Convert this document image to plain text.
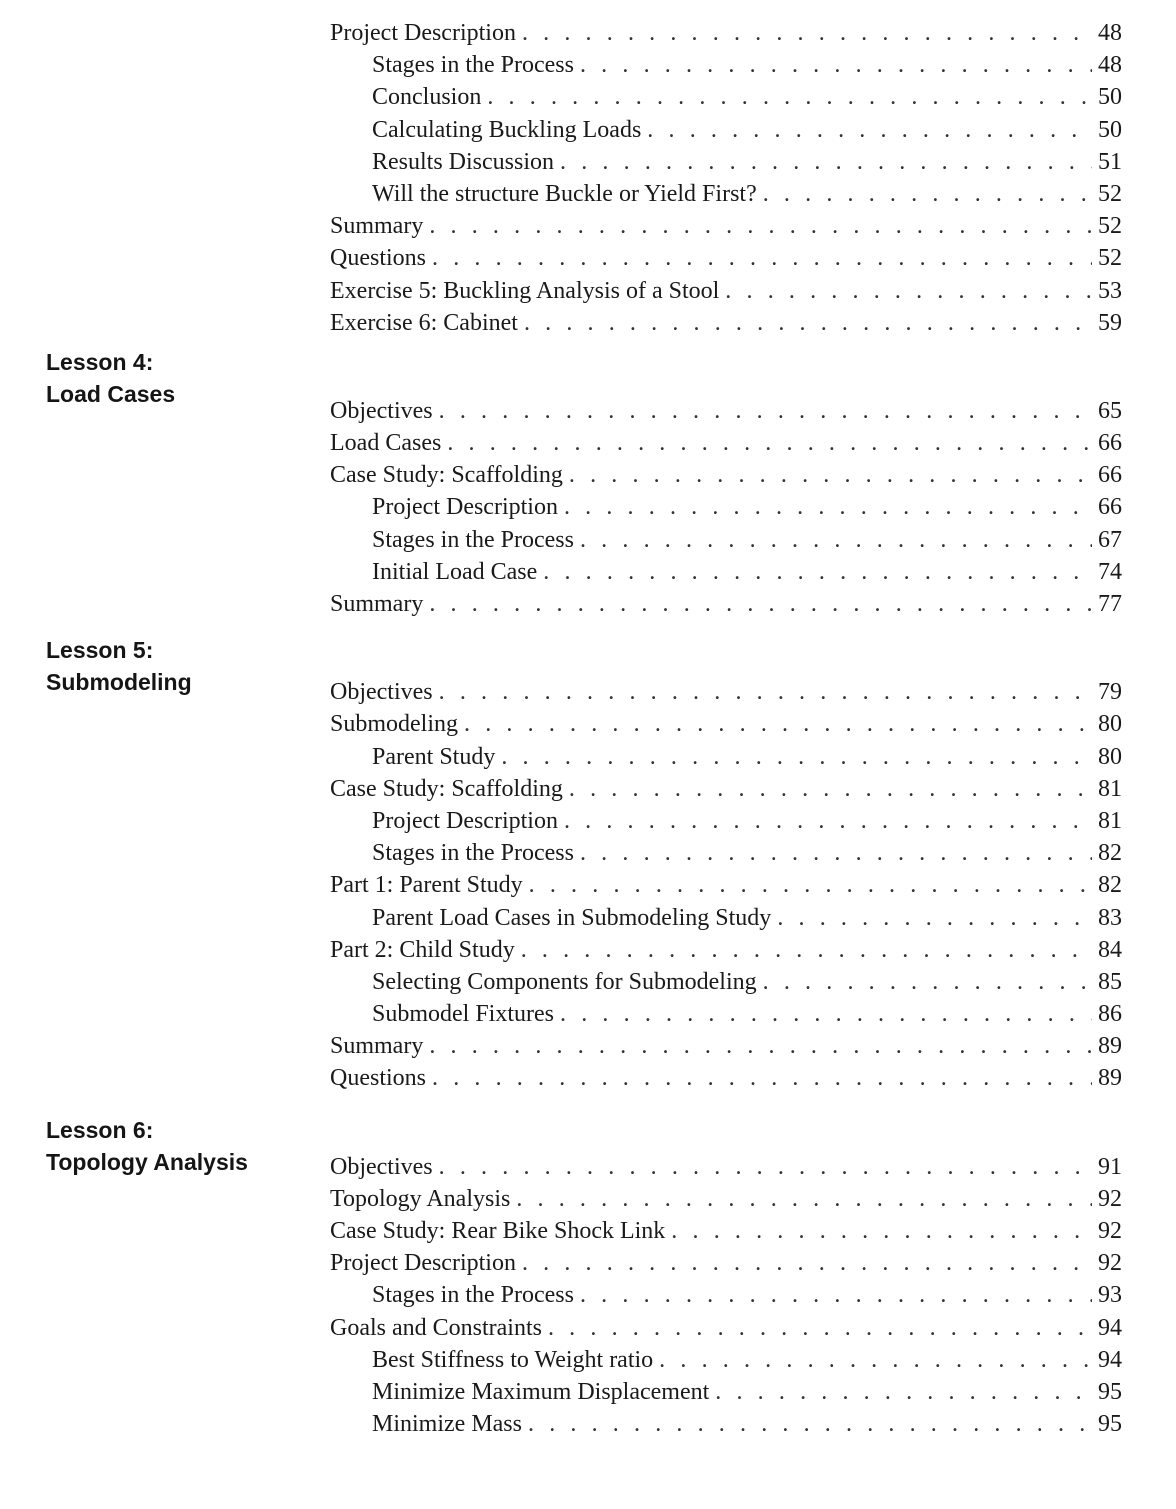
Lesson 4:
Load Cases
Lesson 5:
Submodeling
Lesson 6:
Topology Analysis
Project Description . . .	48
Stages in the Process . . .	48
Conclusion . . .	50
Calculating Buckling Loads . . .	50
Results Discussion . . .	51
Will the structure Buckle or Yield First? . . .	52
Summary . . .	52
Questions . . .	52
Exercise 5: Buckling Analysis of a Stool . . .	53
Exercise 6: Cabinet . . .	59
Objectives . . .	65
Load Cases . . .	66
Case Study: Scaffolding . . .	66
Project Description . . .	66
Stages in the Process . . .	67
Initial Load Case . . .	74
Summary . . .	77
Objectives . . .	79
Submodeling . . .	80
Parent Study . . .	80
Case Study: Scaffolding . . .	81
Project Description . . .	81
Stages in the Process . . .	82
Part 1: Parent Study . . .	82
Parent Load Cases in Submodeling Study . . .	83
Part 2: Child Study . . .	84
Selecting Components for Submodeling . . .	85
Submodel Fixtures . . .	86
Summary . . .	89
Questions . . .	89
Objectives . . .	91
Topology Analysis . . .	92
Case Study: Rear Bike Shock Link . . .	92
Project Description . . .	92
Stages in the Process . . .	93
Goals and Constraints . . .	94
Best Stiffness to Weight ratio . . .	94
Minimize Maximum Displacement . . .	95
Minimize Mass . . .	95
